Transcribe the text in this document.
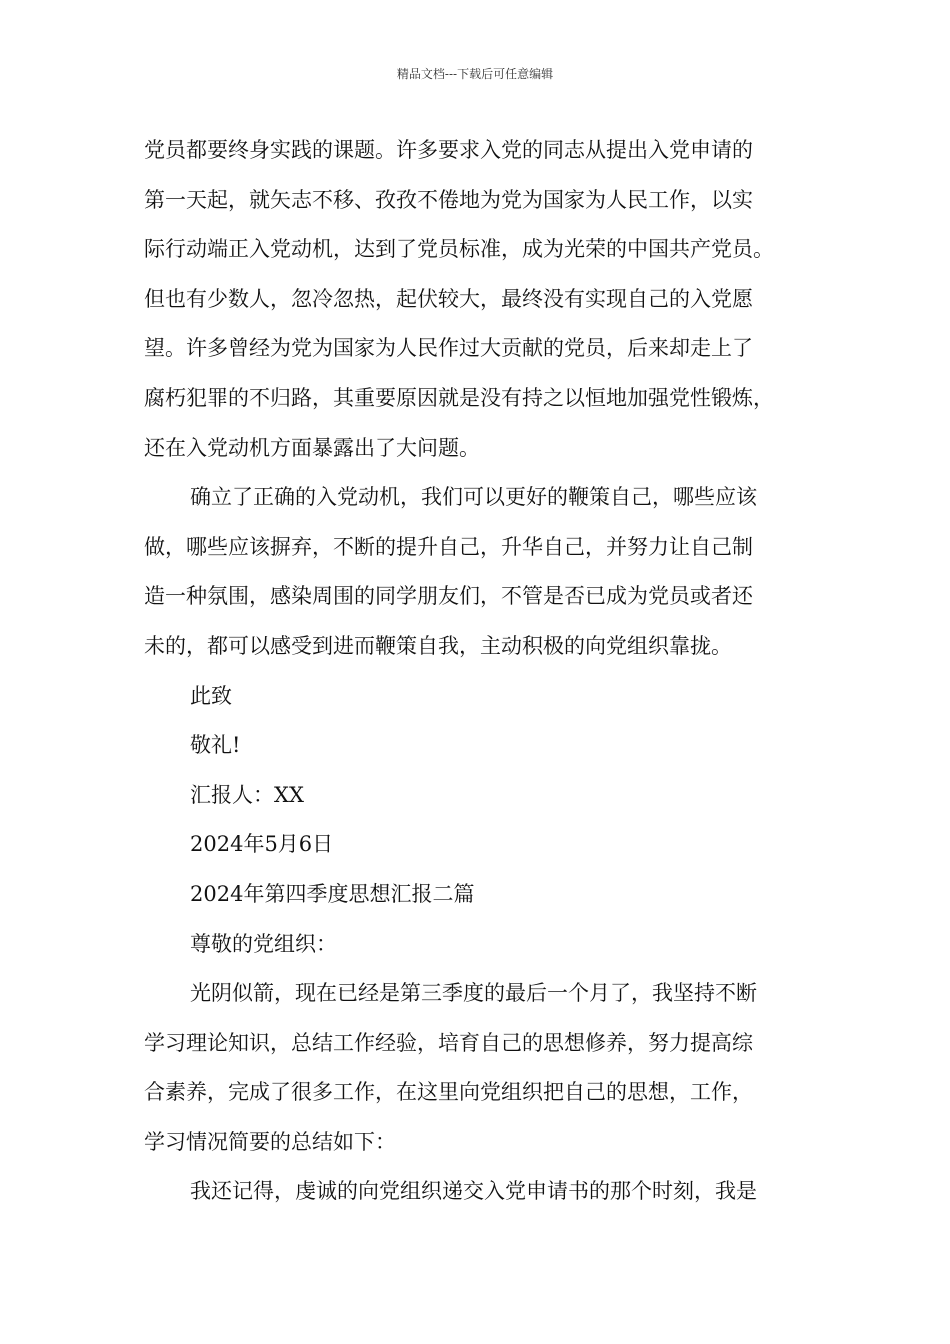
精品文档---下载后可任意编辑

党员都要终身实践的课题。许多要求入党的同志从提出入党申请的
第一天起，就矢志不移、孜孜不倦地为党为国家为人民工作，以实
际行动端正入党动机，达到了党员标准，成为光荣的中国共产党员。
但也有少数人，忽冷忽热，起伏较大，最终没有实现自己的入党愿
望。许多曾经为党为国家为人民作过大贡献的党员，后来却走上了
腐朽犯罪的不归路，其重要原因就是没有持之以恒地加强党性锻炼，
还在入党动机方面暴露出了大问题。

确立了正确的入党动机，我们可以更好的鞭策自己，哪些应该
做，哪些应该摒弃，不断的提升自己，升华自己，并努力让自己制
造一种氛围，感染周围的同学朋友们，不管是否已成为党员或者还
未的，都可以感受到进而鞭策自我，主动积极的向党组织靠拢。

此致

敬礼!

汇报人：XX

2024年5月6日

2024年第四季度思想汇报二篇

尊敬的党组织：

光阴似箭，现在已经是第三季度的最后一个月了，我坚持不断
学习理论知识，总结工作经验，培育自己的思想修养，努力提高综
合素养，完成了很多工作，在这里向党组织把自己的思想，工作，
学习情况简要的总结如下：

我还记得，虔诚的向党组织递交入党申请书的那个时刻，我是
